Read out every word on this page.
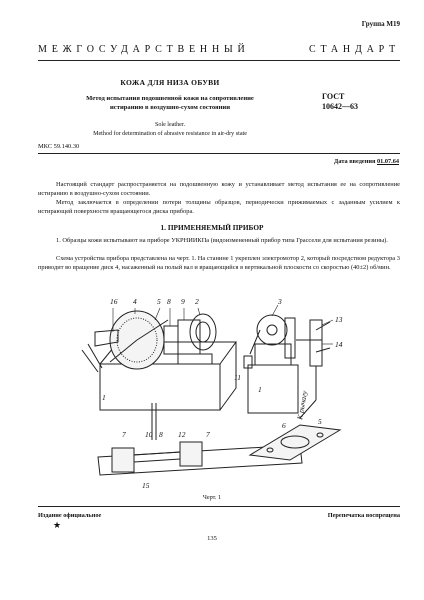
Группа М19
МЕЖГОСУДАРСТВЕННЫЙ СТАНДАРТ
КОЖА ДЛЯ НИЗА ОБУВИ
Метод испытания подошвенной кожи на сопротивление
истиранию в воздушно-сухом состоянии
ГОСТ
10642—63
Sole leather.
Method for determination of abrasive resistance in air-dry state
МКС 59.140.30
Дата введения 01.07.64
Настоящий стандарт распространяется на подошвенную кожу и устанавливает метод испытания ее на сопротивление истиранию в воздушно-сухом состоянии.
Метод заключается в определении потери толщины образцов, периодически прижимаемых с заданным усилием к истирающей поверхности вращающегося диска прибора.
1. ПРИМЕНЯЕМЫЙ ПРИБОР
1. Образцы кожи испытывают на приборе УКРНИИКПа (видоизмененный прибор типа Грассели для испытания резины).
Схема устройства прибора представлена на черт. 1. На станине 1 укреплен электромотор 2, который посредством редуктора 3 приводит во вращение диск 4, насаженный на полый вал и вращающийся в вертикальной плоскости со скоростью (40±2) об/мин.
16 4	5 8 9 2
1
3
13
14
11
1
К рычагу
7	10 8 12	7
15
6	5
Черт. 1
Издание официальное	Перепечатка воспрещена
★
135
